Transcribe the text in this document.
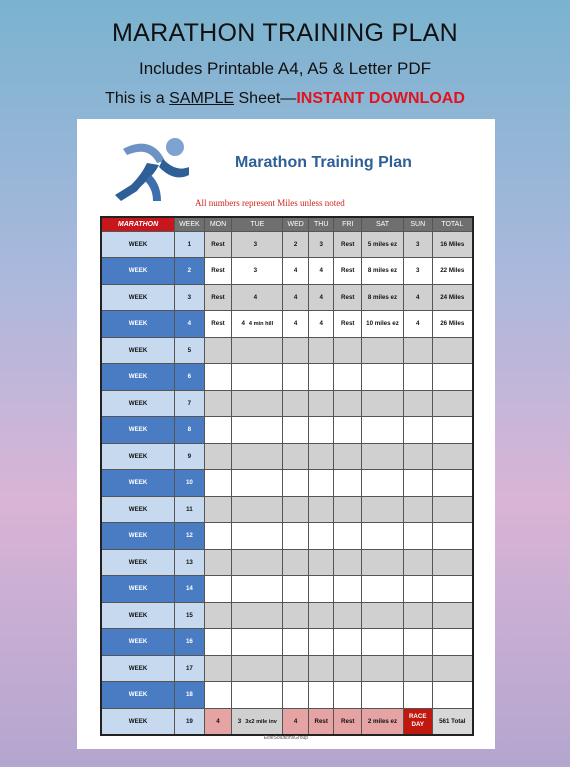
MARATHON TRAINING PLAN
Includes Printable A4, A5 & Letter PDF
This is a SAMPLE Sheet—INSTANT DOWNLOAD
Marathon Training Plan
All numbers represent Miles unless noted
MARATHON	WEEK	MON	TUE	WED	THU	FRI	SAT	SUN	TOTAL
WEEK	1	Rest	3	2	3	Rest	5 miles ez	3	16 Miles
WEEK	2	Rest	3	4	4	Rest	8 miles ez	3	22 Miles
WEEK	3	Rest	4	4	4	Rest	8 miles ez	4	24 Miles
WEEK	4	Rest	4 4 min hill	4	4	Rest	10 miles ez	4	26 Miles
WEEK	5								
WEEK	6								
WEEK	7								
WEEK	8								
WEEK	9								
WEEK	10								
WEEK	11								
WEEK	12								
WEEK	13								
WEEK	14								
WEEK	15								
WEEK	16								
WEEK	17								
WEEK	18								
WEEK	19	4	3 3x2 mile inv	4	Rest	Rest	2 miles ez	RACE DAY	561 Total
EliteSolutionsGroup
